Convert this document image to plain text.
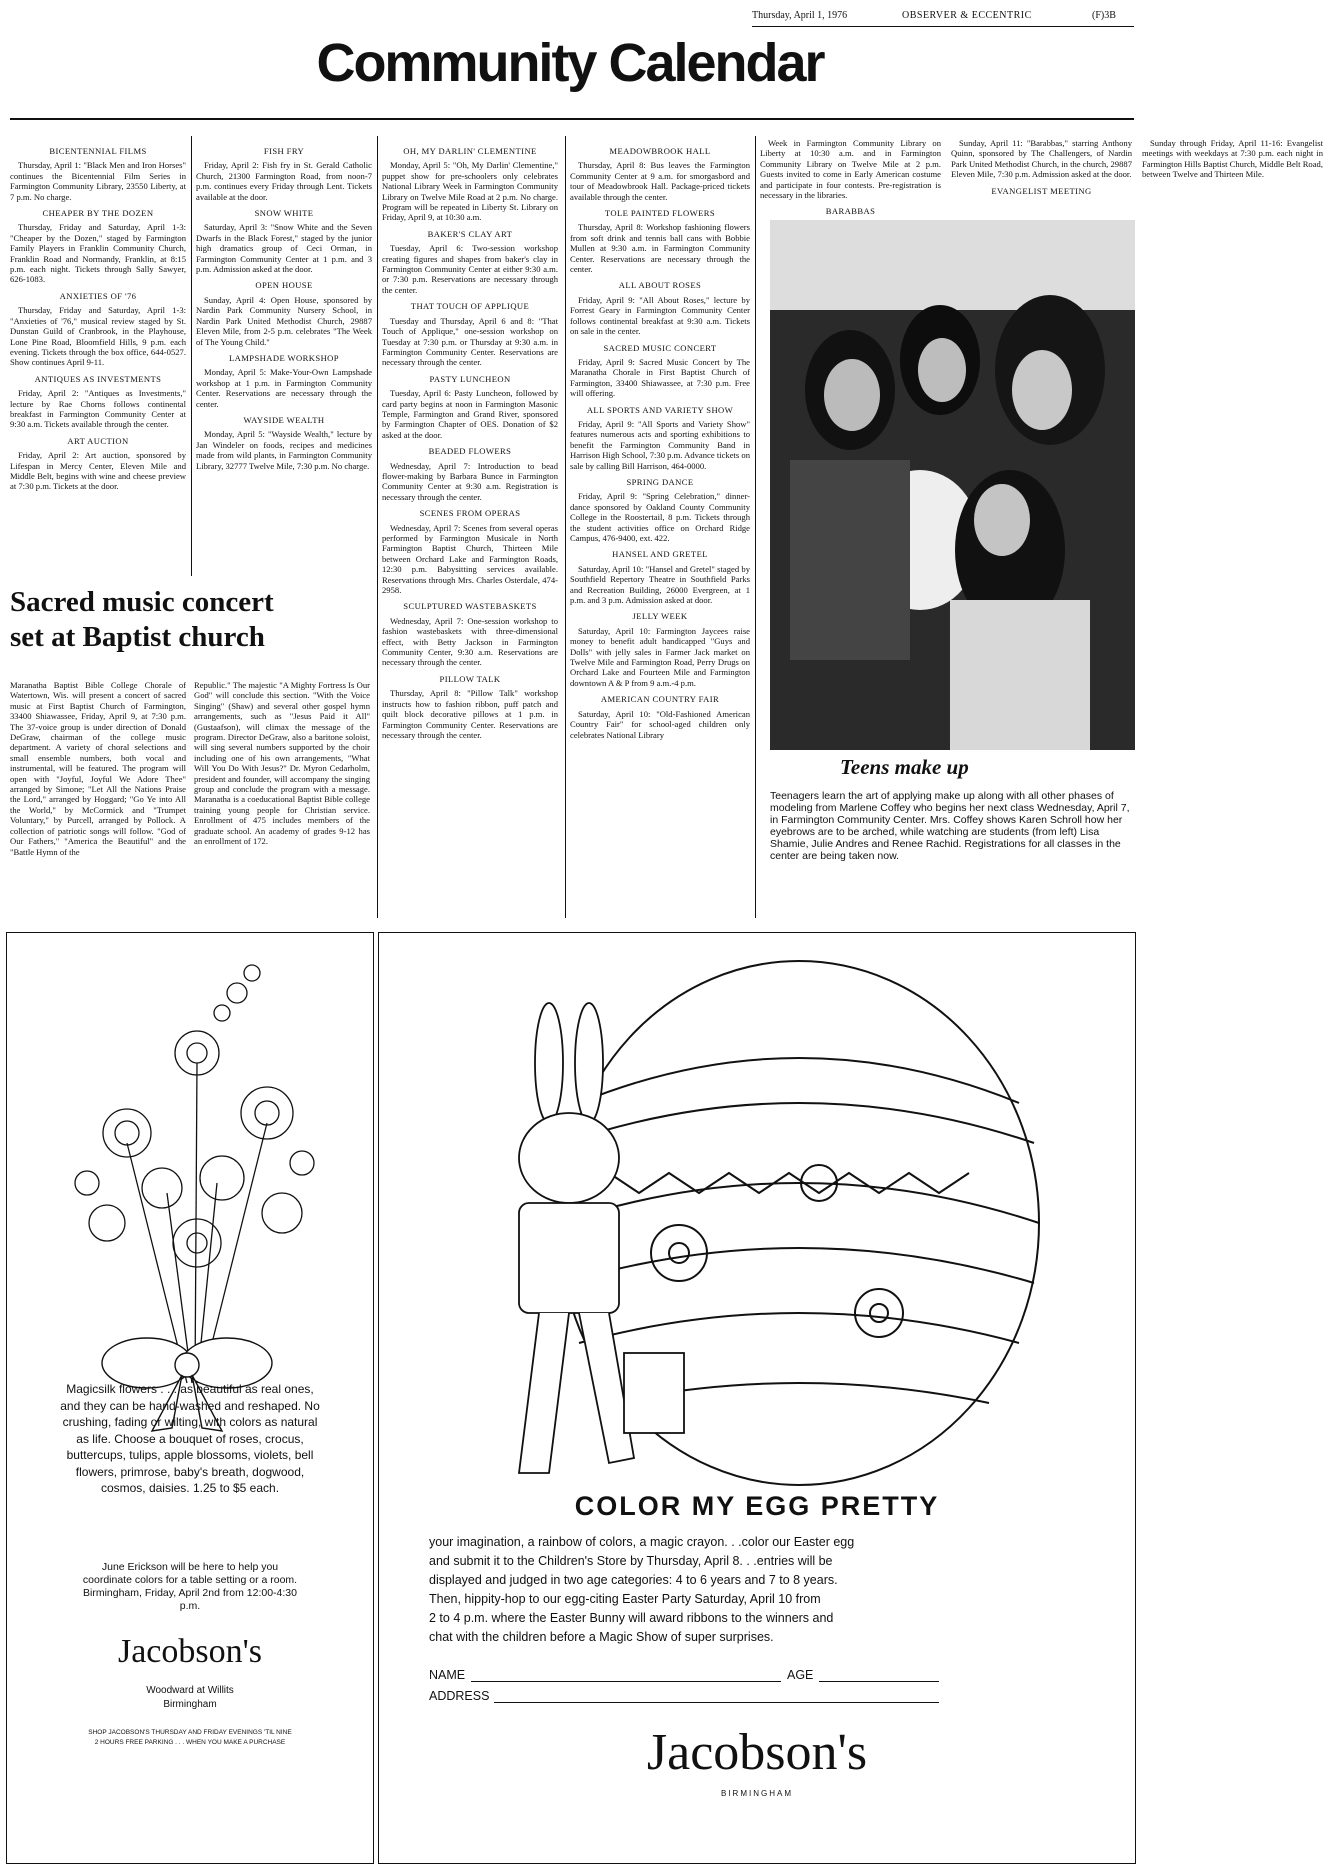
Thursday, April 1, 1976	OBSERVER & ECCENTRIC	(F)3B
Community Calendar
BICENTENNIAL FILMS

Thursday, April 1: "Black Men and Iron Horses" continues the Bicentennial Film Series in Farmington Community Library, 23550 Liberty, at 7 p.m. No charge.

CHEAPER BY THE DOZEN

Thursday, Friday and Saturday, April 1-3: "Cheaper by the Dozen," staged by Farmington Family Players in Franklin Community Church, Franklin Road and Normandy, Franklin, at 8:15 p.m. each night. Tickets through Sally Sawyer, 626-1083.

ANXIETIES OF '76

Thursday, Friday and Saturday, April 1-3: "Anxieties of '76," musical review staged by St. Dunstan Guild of Cranbrook, in the Playhouse, Lone Pine Road, Bloomfield Hills, 9 p.m. each evening. Tickets through the box office, 644-0527. Show continues April 9-11.

ANTIQUES AS INVESTMENTS

Friday, April 2: "Antiques as Investments," lecture by Rae Chorns follows continental breakfast in Farmington Community Center at 9:30 a.m. Tickets available through the center.

ART AUCTION

Friday, April 2: Art auction, sponsored by Lifespan in Mercy Center, Eleven Mile and Middle Belt, begins with wine and cheese preview at 7:30 p.m. Tickets at the door.

FISH FRY

Friday, April 2: Fish fry in St. Gerald Catholic Church, 21300 Farmington Road, from noon-7 p.m. continues every Friday through Lent. Tickets available at the door.

SNOW WHITE

Saturday, April 3: "Snow White and the Seven Dwarfs in the Black Forest," staged by the junior high dramatics group of Ceci Orman, in Farmington Community Center at 1 p.m. and 3 p.m. Admission asked at the door.

OPEN HOUSE

Sunday, April 4: Open House, sponsored by Nardin Park Community Nursery School, in Nardin Park United Methodist Church, 29887 Eleven Mile, from 2-5 p.m. celebrates "The Week of The Young Child."

LAMPSHADE WORKSHOP

Monday, April 5: Make-Your-Own Lampshade workshop at 1 p.m. in Farmington Community Center. Reservations are necessary through the center.

WAYSIDE WEALTH

Monday, April 5: "Wayside Wealth," lecture by Jan Windeler on foods, recipes and medicines made from wild plants, in Farmington Community Library, 32777 Twelve Mile, 7:30 p.m. No charge.

OH, MY DARLIN' CLEMENTINE

Monday, April 5: "Oh, My Darlin' Clementine," puppet show for pre-schoolers only celebrates National Library Week in Farmington Community Library on Twelve Mile Road at 2 p.m. No charge. Program will be repeated in Liberty St. Library on Friday, April 9, at 10:30 a.m.

BAKER'S CLAY ART

Tuesday, April 6: Two-session workshop creating figures and shapes from baker's clay in Farmington Community Center at either 9:30 a.m. or 7:30 p.m. Reservations are necessary through the center.

THAT TOUCH OF APPLIQUE

Tuesday and Thursday, April 6 and 8: "That Touch of Applique," one-session workshop on Tuesday at 7:30 p.m. or Thursday at 9:30 a.m. in Farmington Community Center. Reservations are necessary through the center.

PASTY LUNCHEON

Tuesday, April 6: Pasty Luncheon, followed by card party begins at noon in Farmington Masonic Temple, Farmington and Grand River, sponsored by Farmington Chapter of OES. Donation of $2 asked at the door.

BEADED FLOWERS

Wednesday, April 7: Introduction to bead flower-making by Barbara Bunce in Farmington Community Center at 9:30 a.m. Registration is necessary through the center.

SCENES FROM OPERAS

Wednesday, April 7: Scenes from several operas performed by Farmington Musicale in North Farmington Baptist Church, Thirteen Mile between Orchard Lake and Farmington Roads, 12:30 p.m. Babysitting services available. Reservations through Mrs. Charles Osterdale, 474-2958.

SCULPTURED WASTEBASKETS

Wednesday, April 7: One-session workshop to fashion wastebaskets with three-dimensional effect, with Betty Jackson in Farmington Community Center, 9:30 a.m. Reservations are necessary through the center.

PILLOW TALK

Thursday, April 8: "Pillow Talk" workshop instructs how to fashion ribbon, puff patch and quilt block decorative pillows at 1 p.m. in Farmington Community Center. Reservations are necessary through the center.

MEADOWBROOK HALL

Thursday, April 8: Bus leaves the Farmington Community Center at 9 a.m. for smorgasbord and tour of Meadowbrook Hall. Package-priced tickets available through the center.

TOLE PAINTED FLOWERS

Thursday, April 8: Workshop fashioning flowers from soft drink and tennis ball cans with Bobbie Mullen at 9:30 a.m. in Farmington Community Center. Reservations are necessary through the center.

ALL ABOUT ROSES

Friday, April 9: "All About Roses," lecture by Forrest Geary in Farmington Community Center follows continental breakfast at 9:30 a.m. Tickets on sale in the center.

SACRED MUSIC CONCERT

Friday, April 9: Sacred Music Concert by The Maranatha Chorale in First Baptist Church of Farmington, 33400 Shiawassee, at 7:30 p.m. Free will offering.

ALL SPORTS AND VARIETY SHOW

Friday, April 9: "All Sports and Variety Show" features numerous acts and sporting exhibitions to benefit the Farmington Community Band in Harrison High School, 7:30 p.m. Advance tickets on sale by calling Bill Harrison, 464-0000.

SPRING DANCE

Friday, April 9: "Spring Celebration," dinner-dance sponsored by Oakland County Community College in the Roostertail, 8 p.m. Tickets through the student activities office on Orchard Ridge Campus, 476-9400, ext. 422.

HANSEL AND GRETEL

Saturday, April 10: "Hansel and Gretel" staged by Southfield Repertory Theatre in Southfield Parks and Recreation Building, 26000 Evergreen, at 1 p.m. and 3 p.m. Admission asked at door.

JELLY WEEK

Saturday, April 10: Farmington Jaycees raise money to benefit adult handicapped "Guys and Dolls" with jelly sales in Farmer Jack market on Twelve Mile and Farmington Road, Perry Drugs on Orchard Lake and Fourteen Mile and Farmington downtown A & P from 9 a.m.-4 p.m.

AMERICAN COUNTRY FAIR

Saturday, April 10: "Old-Fashioned American Country Fair" for school-aged children only celebrates National Library

Week in Farmington Community Library on Liberty at 10:30 a.m. and in Farmington Community Library on Twelve Mile at 2 p.m. Guests invited to come in Early American costume and participate in four contests. Pre-registration is necessary in the libraries.

BARABBAS

Sunday, April 11: "Barabbas," starring Anthony Quinn, sponsored by The Challengers, of Nardin Park United Methodist Church, in the church, 29887 Eleven Mile, 7:30 p.m. Admission asked at the door.

EVANGELIST MEETING

Sunday through Friday, April 11-16: Evangelist meetings with weekdays at 7:30 p.m. each night in Farmington Hills Baptist Church, Middle Belt Road, between Twelve and Thirteen Mile.

Sacred music concert
set at Baptist church
Maranatha Baptist Bible College Chorale of Watertown, Wis. will present a concert of sacred music at First Baptist Church of Farmington, 33400 Shiawassee, Friday, April 9, at 7:30 p.m. The 37-voice group is under direction of Donald DeGraw, chairman of the college music department. A variety of choral selections and small ensemble numbers, both vocal and instrumental, will be featured. The program will open with "Joyful, Joyful We Adore Thee" arranged by Simone; "Let All the Nations Praise the Lord," arranged by Hoggard; "Go Ye into All the World," by McCormick and "Trumpet Voluntary," by Purcell, arranged by Pollock. A collection of patriotic songs will follow. "God of Our Fathers," "America the Beautiful" and the "Battle Hymn of the
Republic." The majestic "A Mighty Fortress Is Our God" will conclude this section. "With the Voice Singing" (Shaw) and several other gospel hymn arrangements, such as "Jesus Paid it All" (Gustaafson), will climax the message of the program. Director DeGraw, also a baritone soloist, will sing several numbers supported by the choir including one of his own arrangements, "What Will You Do With Jesus?" Dr. Myron Cedarholm, president and founder, will accompany the singing group and conclude the program with a message. Maranatha is a coeducational Baptist Bible college training young people for Christian service. Enrollment of 475 includes members of the graduate school. An academy of grades 9-12 has an enrollment of 172.
Teens make up
Teenagers learn the art of applying make up along with all other phases of modeling from Marlene Coffey who begins her next class Wednesday, April 7, in Farmington Community Center. Mrs. Coffey shows Karen Schroll how her eyebrows are to be arched, while watching are students (from left) Lisa Shamie, Julie Andres and Renee Rachid. Registrations for all classes in the center are being taken now.
Magicsilk flowers . . . as beautiful as real ones, and they can be hand-washed and reshaped. No crushing, fading or wilting, with colors as natural as life. Choose a bouquet of roses, crocus, buttercups, tulips, apple blossoms, violets, bell flowers, primrose, baby's breath, dogwood, cosmos, daisies. 1.25 to $5 each.
June Erickson will be here to help you coordinate colors for a table setting or a room. Birmingham, Friday, April 2nd from 12:00-4:30 p.m.
Jacobson's
Woodward at Willits
Birmingham
SHOP JACOBSON'S THURSDAY AND FRIDAY EVENINGS 'TIL NINE
2 HOURS FREE PARKING . . . WHEN YOU MAKE A PURCHASE
COLOR MY EGG PRETTY
your imagination, a rainbow of colors, a magic crayon. . .color our Easter egg
and submit it to the Children's Store by Thursday, April 8. . .entries will be
displayed and judged in two age categories: 4 to 6 years and 7 to 8 years.
Then, hippity-hop to our egg-citing Easter Party Saturday, April 10 from
2 to 4 p.m. where the Easter Bunny will award ribbons to the winners and
chat with the children before a Magic Show of super surprises.
NAME	AGE
ADDRESS
Jacobson's
BIRMINGHAM
